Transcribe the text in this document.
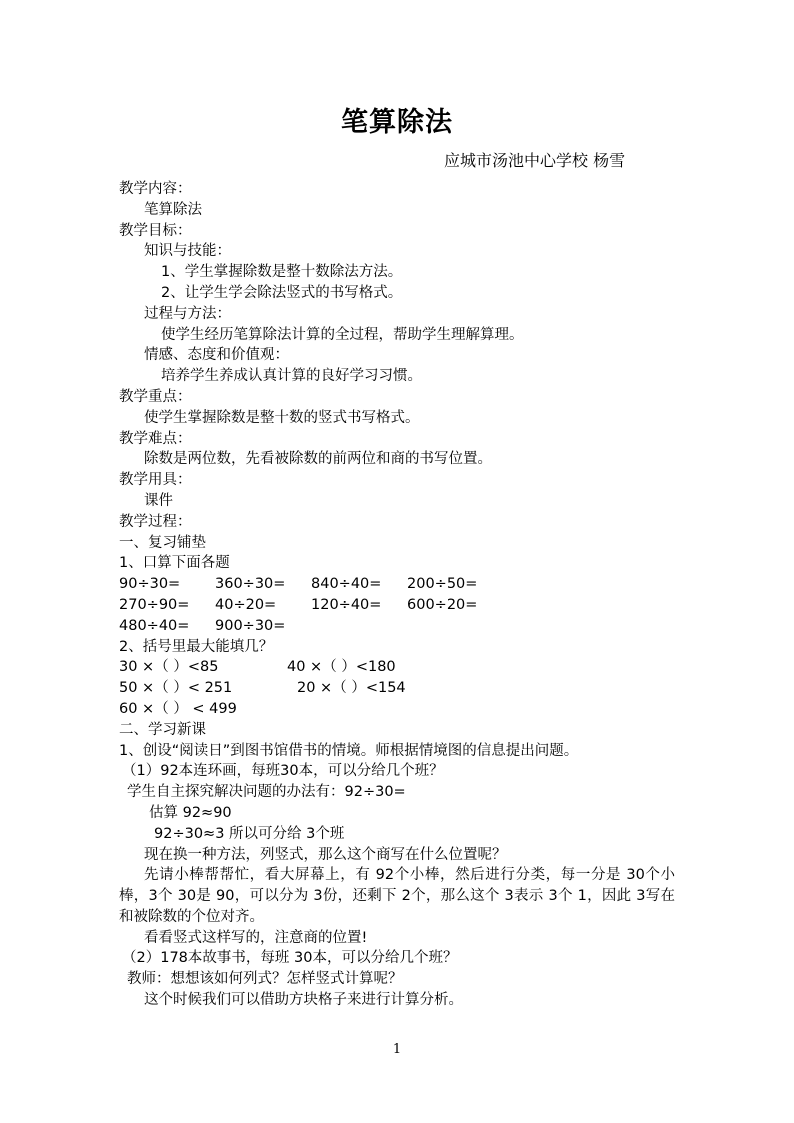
笔算除法
应城市汤池中心学校 杨雪
教学内容：
笔算除法
教学目标：
知识与技能：
1、学生掌握除数是整十数除法方法。
2、让学生学会除法竖式的书写格式。
过程与方法：
使学生经历笔算除法计算的全过程，帮助学生理解算理。
情感、态度和价值观：
培养学生养成认真计算的良好学习习惯。
教学重点：
使学生掌握除数是整十数的竖式书写格式。
教学难点：
除数是两位数，先看被除数的前两位和商的书写位置。
教学用具：
课件
教学过程：
一、复习铺垫
1、口算下面各题
90÷30=	360÷30=	840÷40=	200÷50=
270÷90=	40÷20=	120÷40=	600÷20=
480÷40=	900÷30=
2、括号里最大能填几？
30 ×（ ）<85	40 ×（ ）<180
50 ×（ ）< 251	20 ×（ ）<154
60 ×（ ） < 499
二、学习新课
1、创设“阅读日”到图书馆借书的情境。师根据情境图的信息提出问题。
（1）92本连环画，每班30本，可以分给几个班？
学生自主探究解决问题的办法有：92÷30=
估算 92≈90
92÷30≈3 所以可分给 3个班
现在换一种方法，列竖式，那么这个商写在什么位置呢？
先请小棒帮帮忙，看大屏幕上，有 92个小棒，然后进行分类，每一分是 30个小棒，3个 30是 90，可以分为 3份，还剩下 2个，那么这个 3表示 3个 1，因此 3写在和被除数的个位对齐。
看看竖式这样写的，注意商的位置!
（2）178本故事书，每班 30本，可以分给几个班？
教师：想想该如何列式？怎样竖式计算呢？
这个时候我们可以借助方块格子来进行计算分析。
1
